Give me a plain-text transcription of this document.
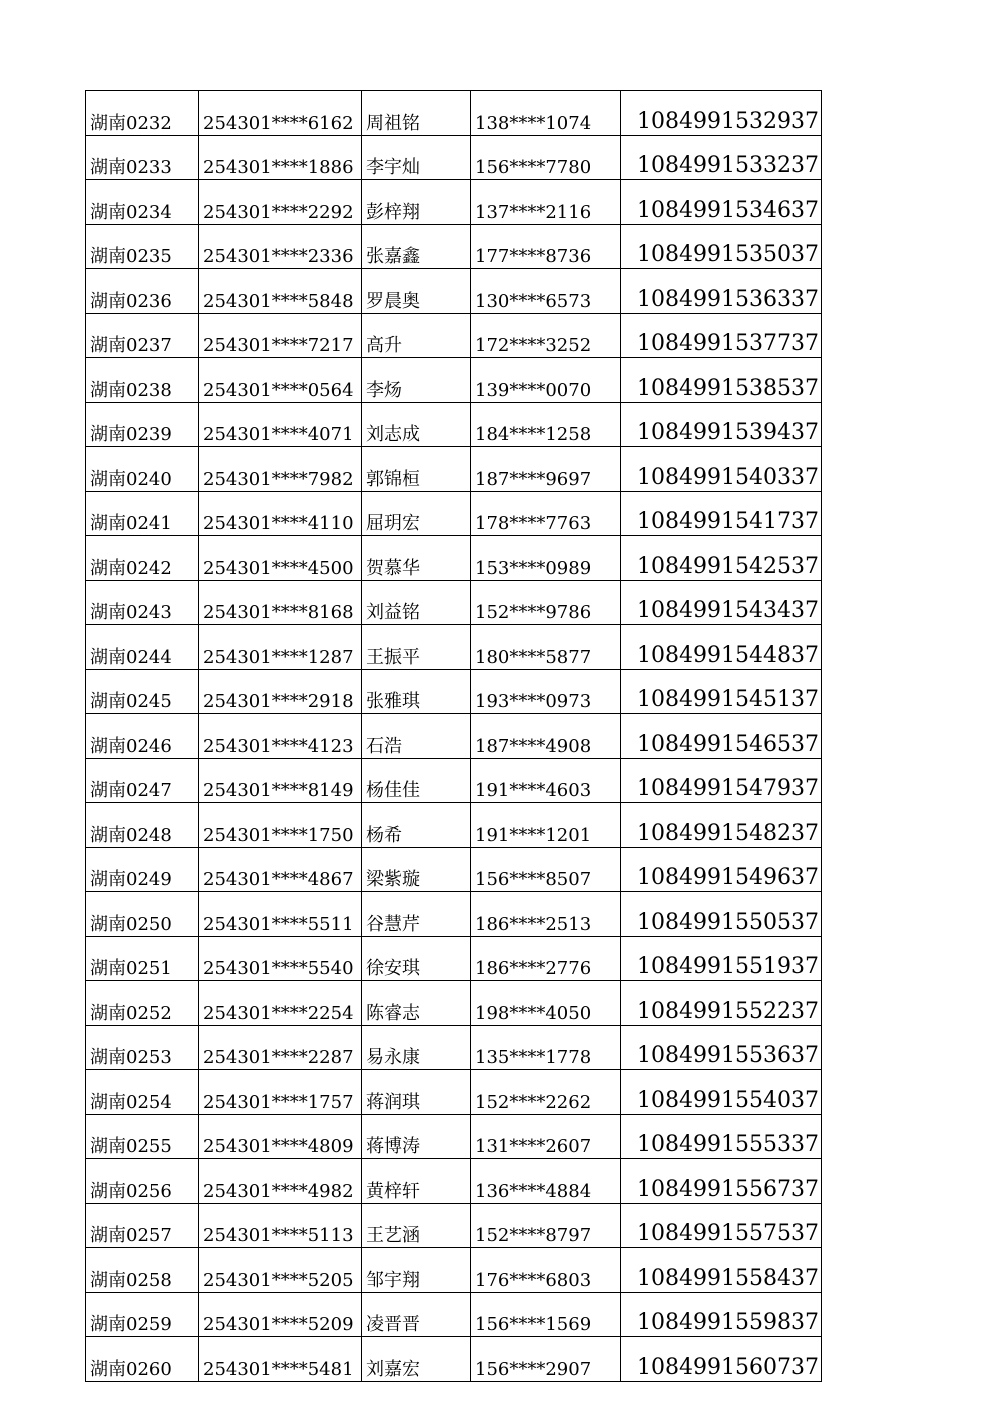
湖南0232	254301****6162	周祖铭	138****1074	1084991532937
湖南0233	254301****1886	李宇灿	156****7780	1084991533237
湖南0234	254301****2292	彭梓翔	137****2116	1084991534637
湖南0235	254301****2336	张嘉鑫	177****8736	1084991535037
湖南0236	254301****5848	罗晨奥	130****6573	1084991536337
湖南0237	254301****7217	高升	172****3252	1084991537737
湖南0238	254301****0564	李炀	139****0070	1084991538537
湖南0239	254301****4071	刘志成	184****1258	1084991539437
湖南0240	254301****7982	郭锦桓	187****9697	1084991540337
湖南0241	254301****4110	屈玥宏	178****7763	1084991541737
湖南0242	254301****4500	贺慕华	153****0989	1084991542537
湖南0243	254301****8168	刘益铭	152****9786	1084991543437
湖南0244	254301****1287	王振平	180****5877	1084991544837
湖南0245	254301****2918	张雅琪	193****0973	1084991545137
湖南0246	254301****4123	石浩	187****4908	1084991546537
湖南0247	254301****8149	杨佳佳	191****4603	1084991547937
湖南0248	254301****1750	杨希	191****1201	1084991548237
湖南0249	254301****4867	梁紫璇	156****8507	1084991549637
湖南0250	254301****5511	谷慧芹	186****2513	1084991550537
湖南0251	254301****5540	徐安琪	186****2776	1084991551937
湖南0252	254301****2254	陈睿志	198****4050	1084991552237
湖南0253	254301****2287	易永康	135****1778	1084991553637
湖南0254	254301****1757	蒋润琪	152****2262	1084991554037
湖南0255	254301****4809	蒋博涛	131****2607	1084991555337
湖南0256	254301****4982	黄梓轩	136****4884	1084991556737
湖南0257	254301****5113	王艺涵	152****8797	1084991557537
湖南0258	254301****5205	邹宇翔	176****6803	1084991558437
湖南0259	254301****5209	凌晋晋	156****1569	1084991559837
湖南0260	254301****5481	刘嘉宏	156****2907	1084991560737
